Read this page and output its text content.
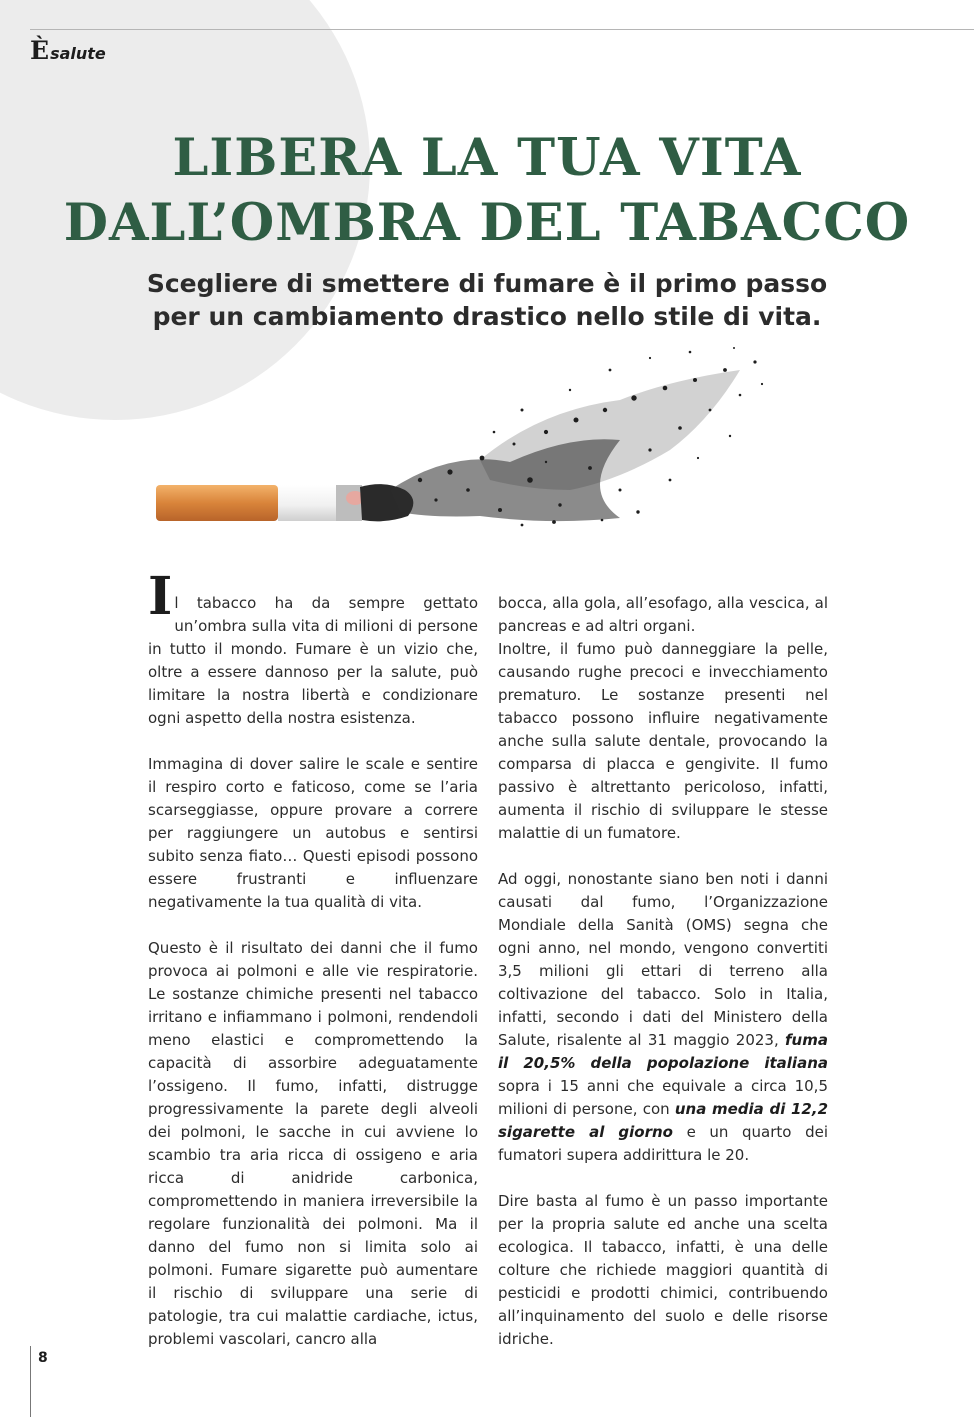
È salute
LIBERA LA TUA VITA
DALL’OMBRA DEL TABACCO
Scegliere di smettere di fumare è il primo passo
per un cambiamento drastico nello stile di vita.

Il tabacco ha da sempre gettato un’ombra sulla vita di milioni di persone in tutto il mondo. Fumare è un vizio che, oltre a essere dannoso per la salute, può limitare la nostra libertà e condizionare ogni aspetto della nostra esistenza.

Immagina di dover salire le scale e sentire il respiro corto e faticoso, come se l’aria scarseggiasse, oppure provare a correre per raggiungere un autobus e sentirsi subito senza fiato… Questi episodi possono essere frustranti e influenzare negativamente la tua qualità di vita.

Questo è il risultato dei danni che il fumo provoca ai polmoni e alle vie respiratorie. Le sostanze chimiche presenti nel tabacco irritano e infiammano i polmoni, rendendoli meno elastici e compromettendo la capacità di assorbire adeguatamente l’ossigeno. Il fumo, infatti, distrugge progressivamente la parete degli alveoli dei polmoni, le sacche in cui avviene lo scambio tra aria ricca di ossigeno e aria ricca di anidride carbonica, compromettendo in maniera irreversibile la regolare funzionalità dei polmoni. Ma il danno del fumo non si limita solo ai polmoni. Fumare sigarette può aumentare il rischio di sviluppare una serie di patologie, tra cui malattie cardiache, ictus, problemi vascolari, cancro alla

bocca, alla gola, all’esofago, alla vescica, al pancreas e ad altri organi.

Inoltre, il fumo può danneggiare la pelle, causando rughe precoci e invecchiamento prematuro. Le sostanze presenti nel tabacco possono influire negativamente anche sulla salute dentale, provocando la comparsa di placca e gengivite. Il fumo passivo è altrettanto pericoloso, infatti, aumenta il rischio di sviluppare le stesse malattie di un fumatore.

Ad oggi, nonostante siano ben noti i danni causati dal fumo, l’Organizzazione Mondiale della Sanità (OMS) segna che ogni anno, nel mondo, vengono convertiti 3,5 milioni gli ettari di terreno alla coltivazione del tabacco. Solo in Italia, infatti, secondo i dati del Ministero della Salute, risalente al 31 maggio 2023, fuma il 20,5% della popolazione italiana sopra i 15 anni che equivale a circa 10,5 milioni di persone, con una media di 12,2 sigarette al giorno e un quarto dei fumatori supera addirittura le 20.

Dire basta al fumo è un passo importante per la propria salute ed anche una scelta ecologica. Il tabacco, infatti, è una delle colture che richiede maggiori quantità di pesticidi e prodotti chimici, contribuendo all’inquinamento del suolo e delle risorse idriche.

8
